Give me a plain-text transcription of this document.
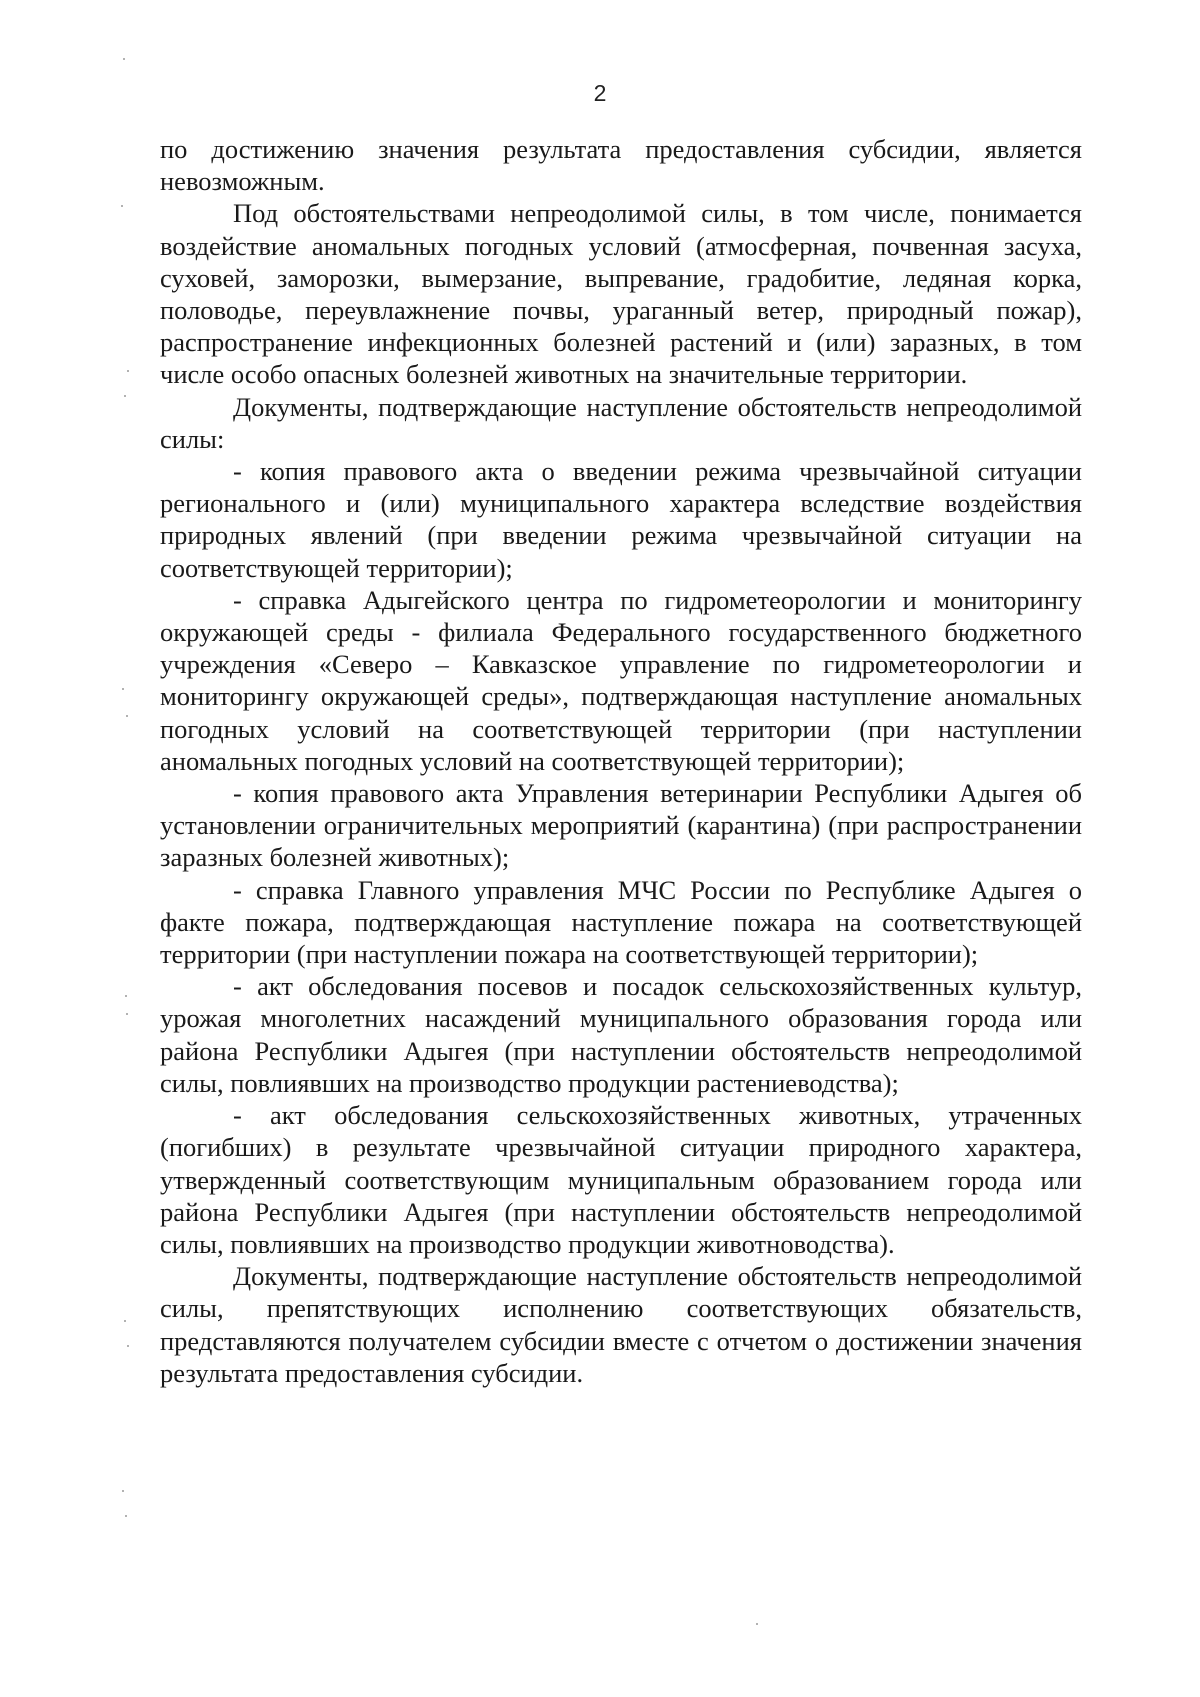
2

по достижению значения результата предоставления субсидии, является невозможным.

Под обстоятельствами непреодолимой силы, в том числе, понимается воздействие аномальных погодных условий (атмосферная, почвенная засуха, суховей, заморозки, вымерзание, выпревание, градобитие, ледяная корка, половодье, переувлажнение почвы, ураганный ветер, природный пожар), распространение инфекционных болезней растений и (или) заразных, в том числе особо опасных болезней животных на значительные территории.

Документы, подтверждающие наступление обстоятельств непреодолимой силы:

- копия правового акта о введении режима чрезвычайной ситуации регионального и (или) муниципального характера вследствие воздействия природных явлений (при введении режима чрезвычайной ситуации на соответствующей территории);

- справка Адыгейского центра по гидрометеорологии и мониторингу окружающей среды - филиала Федерального государственного бюджетного учреждения «Северо – Кавказское управление по гидрометеорологии и мониторингу окружающей среды», подтверждающая наступление аномальных погодных условий на соответствующей территории (при наступлении аномальных погодных условий на соответствующей территории);

- копия правового акта Управления ветеринарии Республики Адыгея об установлении ограничительных мероприятий (карантина) (при распространении заразных болезней животных);

- справка Главного управления МЧС России по Республике Адыгея о факте пожара, подтверждающая наступление пожара на соответствующей территории (при наступлении пожара на соответствующей территории);

- акт обследования посевов и посадок сельскохозяйственных культур, урожая многолетних насаждений муниципального образования города или района Республики Адыгея (при наступлении обстоятельств непреодолимой силы, повлиявших на производство продукции растениеводства);

- акт обследования сельскохозяйственных животных, утраченных (погибших) в результате чрезвычайной ситуации природного характера, утвержденный соответствующим муниципальным образованием города или района Республики Адыгея (при наступлении обстоятельств непреодолимой силы, повлиявших на производство продукции животноводства).

Документы, подтверждающие наступление обстоятельств непреодолимой силы, препятствующих исполнению соответствующих обязательств, представляются получателем субсидии вместе с отчетом о достижении значения результата предоставления субсидии.
